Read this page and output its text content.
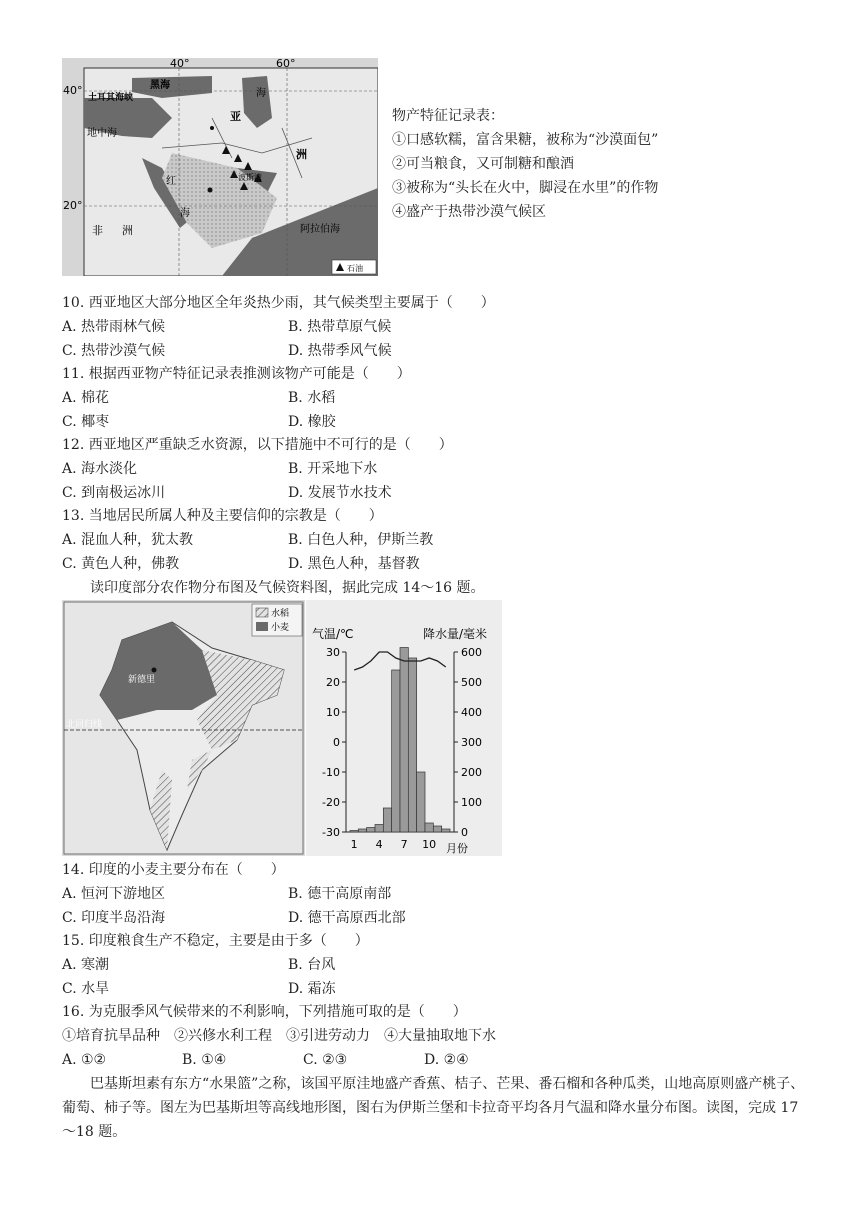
40°	60°
40°
20°
黑海
土耳其海峡	海
地中海
亚
洲
红
海
非 洲	阿拉伯海
波斯湾
石油
物产特征记录表：
①口感软糯，富含果糖，被称为“沙漠面包”
②可当粮食，又可制糖和酿酒
③被称为“头长在火中，脚浸在水里”的作物
④盛产于热带沙漠气候区
10. 西亚地区大部分地区全年炎热少雨，其气候类型主要属于（　　）
A. 热带雨林气候	B. 热带草原气候
C. 热带沙漠气候	D. 热带季风气候
11. 根据西亚物产特征记录表推测该物产可能是（　　）
A. 棉花	B. 水稻
C. 椰枣	D. 橡胶
12. 西亚地区严重缺乏水资源，以下措施中不可行的是（　　）
A. 海水淡化	B. 开采地下水
C. 到南极运冰川	D. 发展节水技术
13. 当地居民所属人种及主要信仰的宗教是（　　）
A. 混血人种，犹太教	B. 白色人种，伊斯兰教
C. 黄色人种，佛教	D. 黑色人种，基督教
读印度部分农作物分布图及气候资料图，据此完成 14～16 题。
北回归线
新德里
水稻
小麦 气温/℃	降水量/毫米
月份
30
20
10
0
-10
-20
-30
600
500
400
300
200
100
0
1 4 7 10
14. 印度的小麦主要分布在（　　）
A. 恒河下游地区	B. 德干高原南部
C. 印度半岛沿海	D. 德干高原西北部
15. 印度粮食生产不稳定，主要是由于多（　　）
A. 寒潮	B. 台风
C. 水旱	D. 霜冻
16. 为克服季风气候带来的不利影响，下列措施可取的是（　　）
①培育抗旱品种　②兴修水利工程　③引进劳动力　④大量抽取地下水
A. ①②	B. ①④	C. ②③	D. ②④
巴基斯坦素有东方“水果篮”之称，该国平原洼地盛产香蕉、桔子、芒果、番石榴和各种瓜类，山地高原则盛产桃子、葡萄、柿子等。图左为巴基斯坦等高线地形图，图右为伊斯兰堡和卡拉奇平均各月气温和降水量分布图。读图，完成 17～18 题。
